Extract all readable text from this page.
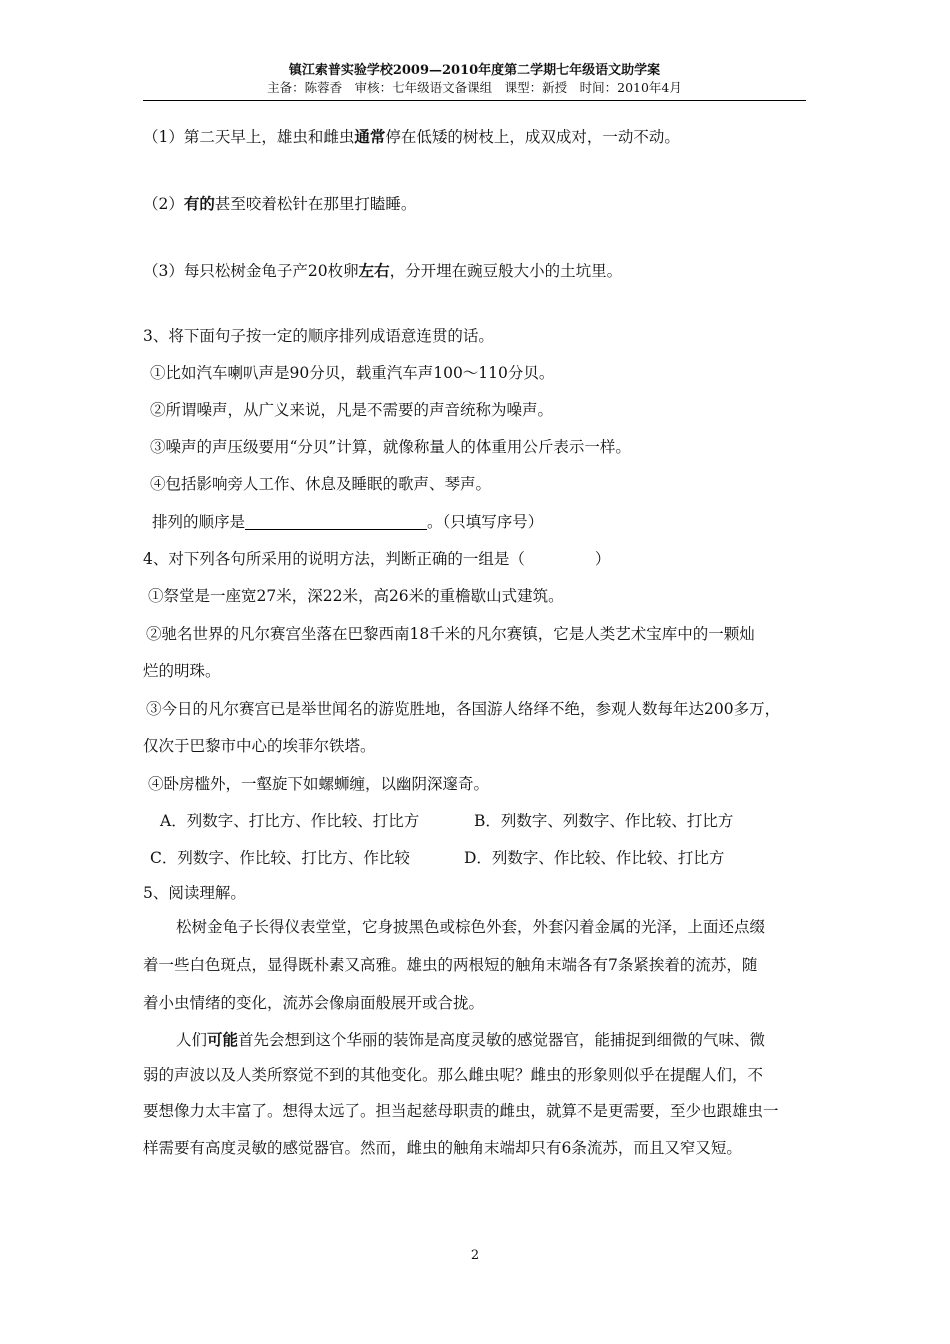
镇江索普实验学校2009—2010年度第二学期七年级语文助学案
主备：陈蓉香　审核：七年级语文备课组　课型：新授　时间：2010年4月
（1）第二天早上，雄虫和雌虫通常停在低矮的树枝上，成双成对，一动不动。
（2）有的甚至咬着松针在那里打瞌睡。
（3）每只松树金龟子产20枚卵左右，分开埋在豌豆般大小的土坑里。
3、将下面句子按一定的顺序排列成语意连贯的话。
①比如汽车喇叭声是90分贝，载重汽车声100～110分贝。
②所谓噪声，从广义来说，凡是不需要的声音统称为噪声。
③噪声的声压级要用“分贝”计算，就像称量人的体重用公斤表示一样。
④包括影响旁人工作、休息及睡眠的歌声、琴声。
排列的顺序是	。（只填写序号）
4、对下列各句所采用的说明方法，判断正确的一组是（	）
①祭堂是一座宽27米，深22米，高26米的重檐歇山式建筑。
②驰名世界的凡尔赛宫坐落在巴黎西南18千米的凡尔赛镇，它是人类艺术宝库中的一颗灿
烂的明珠。
③今日的凡尔赛宫已是举世闻名的游览胜地，各国游人络绎不绝，参观人数每年达200多万，
仅次于巴黎市中心的埃菲尔铁塔。
④卧房槛外，一壑旋下如螺蛳缠，以幽阴深邃奇。
A．列数字、打比方、作比较、打比方	B．列数字、列数字、作比较、打比方
C．列数字、作比较、打比方、作比较	D．列数字、作比较、作比较、打比方
5、阅读理解。
松树金龟子长得仪表堂堂，它身披黑色或棕色外套，外套闪着金属的光泽，上面还点缀
着一些白色斑点，显得既朴素又高雅。雄虫的两根短的触角末端各有7条紧挨着的流苏，随
着小虫情绪的变化，流苏会像扇面般展开或合拢。
人们可能首先会想到这个华丽的装饰是高度灵敏的感觉器官，能捕捉到细微的气味、微
弱的声波以及人类所察觉不到的其他变化。那么雌虫呢？雌虫的形象则似乎在提醒人们，不
要想像力太丰富了。想得太远了。担当起慈母职责的雌虫，就算不是更需要，至少也跟雄虫一
样需要有高度灵敏的感觉器官。然而，雌虫的触角末端却只有6条流苏，而且又窄又短。
2
